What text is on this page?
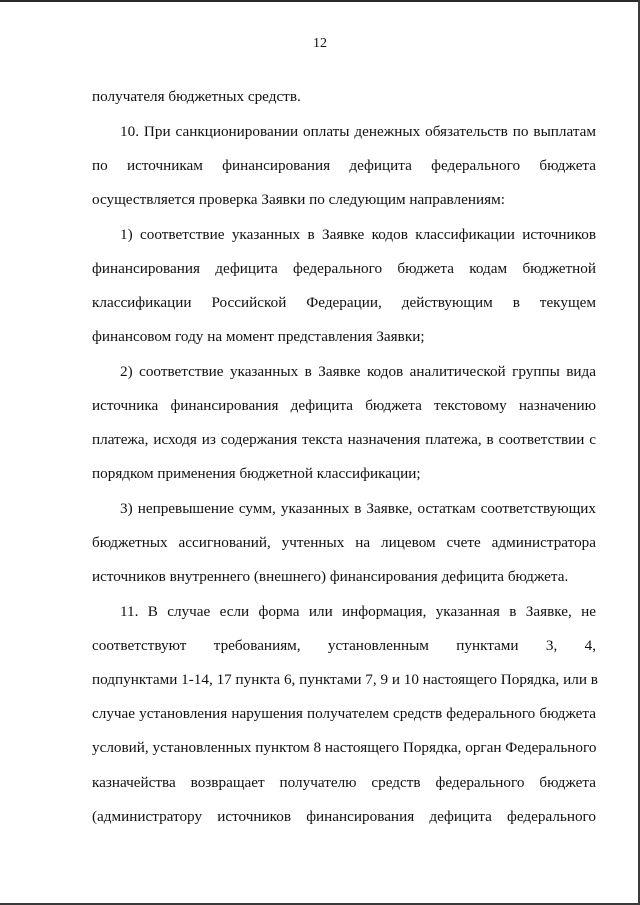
12
получателя бюджетных средств.
10. При санкционировании оплаты денежных обязательств по выплатам
по источникам финансирования дефицита федерального бюджета
осуществляется проверка Заявки по следующим направлениям:
1) соответствие указанных в Заявке кодов классификации источников
финансирования дефицита федерального бюджета кодам бюджетной
классификации Российской Федерации, действующим в текущем
финансовом году на момент представления Заявки;
2) соответствие указанных в Заявке кодов аналитической группы вида
источника финансирования дефицита бюджета текстовому назначению
платежа, исходя из содержания текста назначения платежа, в соответствии с
порядком применения бюджетной классификации;
3) непревышение сумм, указанных в Заявке, остаткам соответствующих
бюджетных ассигнований, учтенных на лицевом счете администратора
источников внутреннего (внешнего) финансирования дефицита бюджета.
11. В случае если форма или информация, указанная в Заявке, не
соответствуют требованиям, установленным пунктами 3, 4,
подпунктами 1-14, 17 пункта 6, пунктами 7, 9 и 10 настоящего Порядка, или в
случае установления нарушения получателем средств федерального бюджета
условий, установленных пунктом 8 настоящего Порядка, орган Федерального
казначейства возвращает получателю средств федерального бюджета
(администратору источников финансирования дефицита федерального
